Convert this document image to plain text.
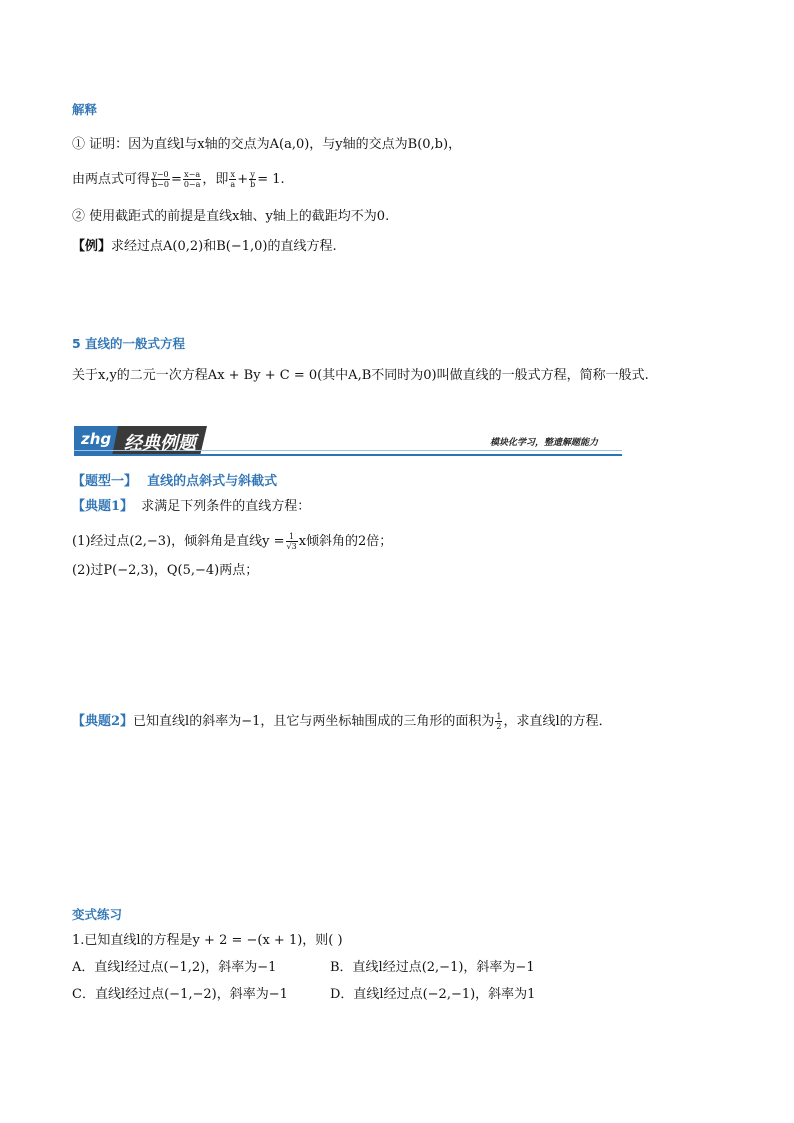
解释
① 证明：因为直线l与x轴的交点为A(a,0)，与y轴的交点为B(0,b)，
由两点式可得 $\frac{y-0}{b-0} = \frac{x-a}{0-a}$ ，即 $\frac{x}{a} + \frac{y}{b} = 1$.
② 使用截距式的前提是直线x轴、y轴上的截距均不为0.
【例】求经过点A(0,2)和B(−1,0)的直线方程.
5 直线的一般式方程
关于x,y的二元一次方程Ax + By + C = 0(其中A,B不同时为0)叫做直线的一般式方程，简称一般式.
zhg 经典例题	模块化学习，整遗解题能力
【题型一】 直线的点斜式与斜截式
【典题1】 求满足下列条件的直线方程：
(1)经过点(2,−3)，倾斜角是直线$y = \frac{1}{√3}$ x倾斜角的2倍；
(2)过P(−2,3)，Q(5,−4)两点；
【典题2】已知直线l的斜率为−1，且它与两坐标轴围成的三角形的面积为 $\frac{1}{2}$ ，求直线l的方程．
变式练习
1.已知直线l的方程是y + 2 = −(x + 1)，则( )
A．直线l经过点(−1,2)，斜率为−1	B．直线l经过点(2,−1)，斜率为−1
C．直线l经过点(−1,−2)，斜率为−1	D．直线l经过点(−2,−1)，斜率为1
